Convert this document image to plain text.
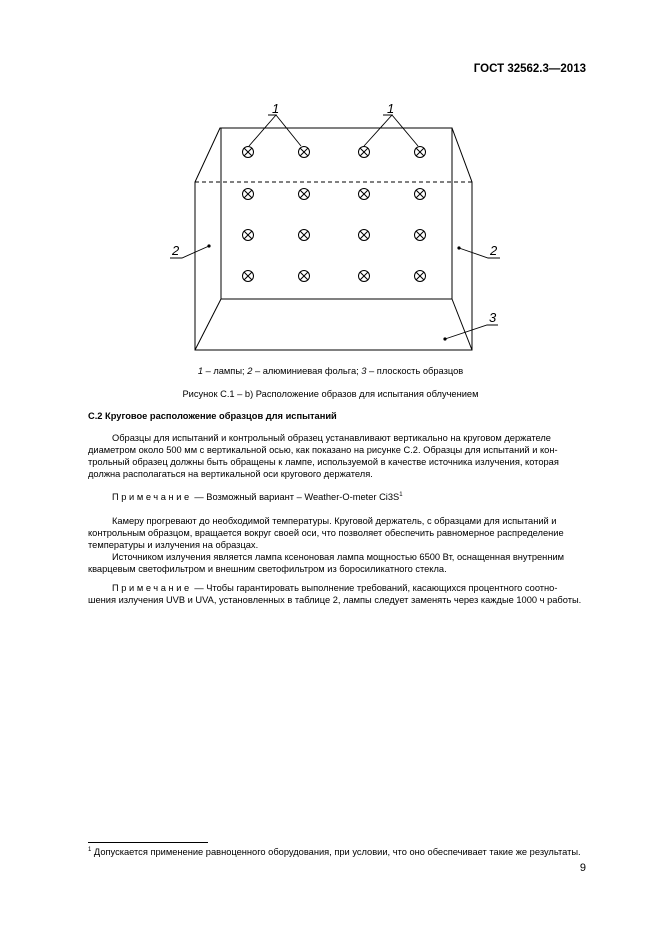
ГОСТ 32562.3—2013
1	1
2	2
3
1 – лампы; 2 – алюминиевая фольга; 3 – плоскость образцов
Рисунок С.1 – b) Расположение образов для испытания облучением
С.2 Круговое расположение образцов для испытаний
Образцы для испытаний и контрольный образец устанавливают вертикально на круговом держателе
диаметром около 500 мм с вертикальной осью, как показано на рисунке С.2. Образцы для испытаний и кон-
трольный образец должны быть обращены к лампе, используемой в качестве источника излучения, которая
должна располагаться на вертикальной оси кругового держателя.
Примечание — Возможный вариант – Weather-O-meter $Ci3S^1$
Камеру прогревают до необходимой температуры. Круговой держатель, с образцами для испытаний и
контрольным образцом, вращается вокруг своей оси, что позволяет обеспечить равномерное распределение
температуры и излучения на образцах.
Источником излучения является лампа ксеноновая лампа мощностью 6500 Вт, оснащенная внутренним
кварцевым светофильтром и внешним светофильтром из боросиликатного стекла.
Примечание — Чтобы гарантировать выполнение требований, касающихся процентного соотно-
шения излучения UVB и UVA, установленных в таблице 2, лампы следует заменять через каждые 1000 ч работы.
$^1$ Допускается применение равноценного оборудования, при условии, что оно обеспечивает такие же результаты.
9
